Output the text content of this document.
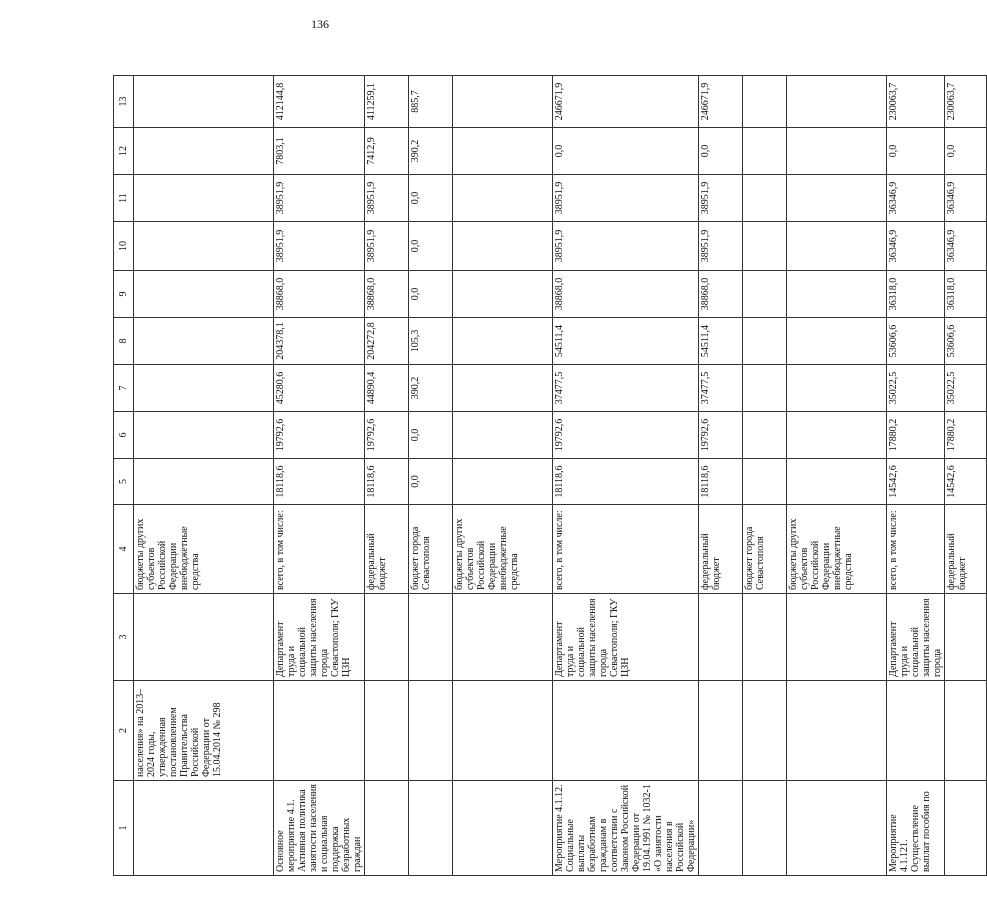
136
1	2	3	4	5	6	7	8	9	10	11	12	13
	населения» на 2013–2024 годы, утвержденная постановлением Правительства Российской Федерации от 15.04.2014 № 298		бюджеты других субъектов Российской Федерации внебюджетные средства									
Основное мероприятие 4.1. Активная политика занятости населения и социальная поддержка безработных граждан		Департамент труда и социальной защиты населения города Севастополя; ГКУ ЦЗН	всего, в том числе:	18118,6	19792,6	45280,6	204378,1	38868,0	38951,9	38951,9	7803,1	412144,8
			федеральный бюджет	18118,6	19792,6	44890,4	204272,8	38868,0	38951,9	38951,9	7412,9	411259,1
			бюджет города Севастополя	0,0	0,0	390,2	105,3	0,0	0,0	0,0	390,2	885,7
			бюджеты других субъектов Российской Федерации внебюджетные средства									
Мероприятие 4.1.12. Социальные выплаты безработным гражданам в соответствии с Законом Российской Федерации от 19.04.1991 № 1032-1 «О занятости населения в Российской Федерации»		Департамент труда и социальной защиты населения города Севастополя; ГКУ ЦЗН	всего, в том числе:	18118,6	19792,6	37477,5	54511,4	38868,0	38951,9	38951,9	0,0	246671,9
			федеральный бюджет	18118,6	19792,6	37477,5	54511,4	38868,0	38951,9	38951,9	0,0	246671,9
			бюджет города Севастополя									
			бюджеты других субъектов Российской Федерации внебюджетные средства									
Мероприятие 4.1.121. Осуществление выплат пособия по		Департамент труда и социальной защиты населения города	всего, в том числе:	14542,6	17880,2	35022,5	53606,6	36318,0	36346,9	36346,9	0,0	230063,7
			федеральный бюджет	14542,6	17880,2	35022,5	53606,6	36318,0	36346,9	36346,9	0,0	230063,7
